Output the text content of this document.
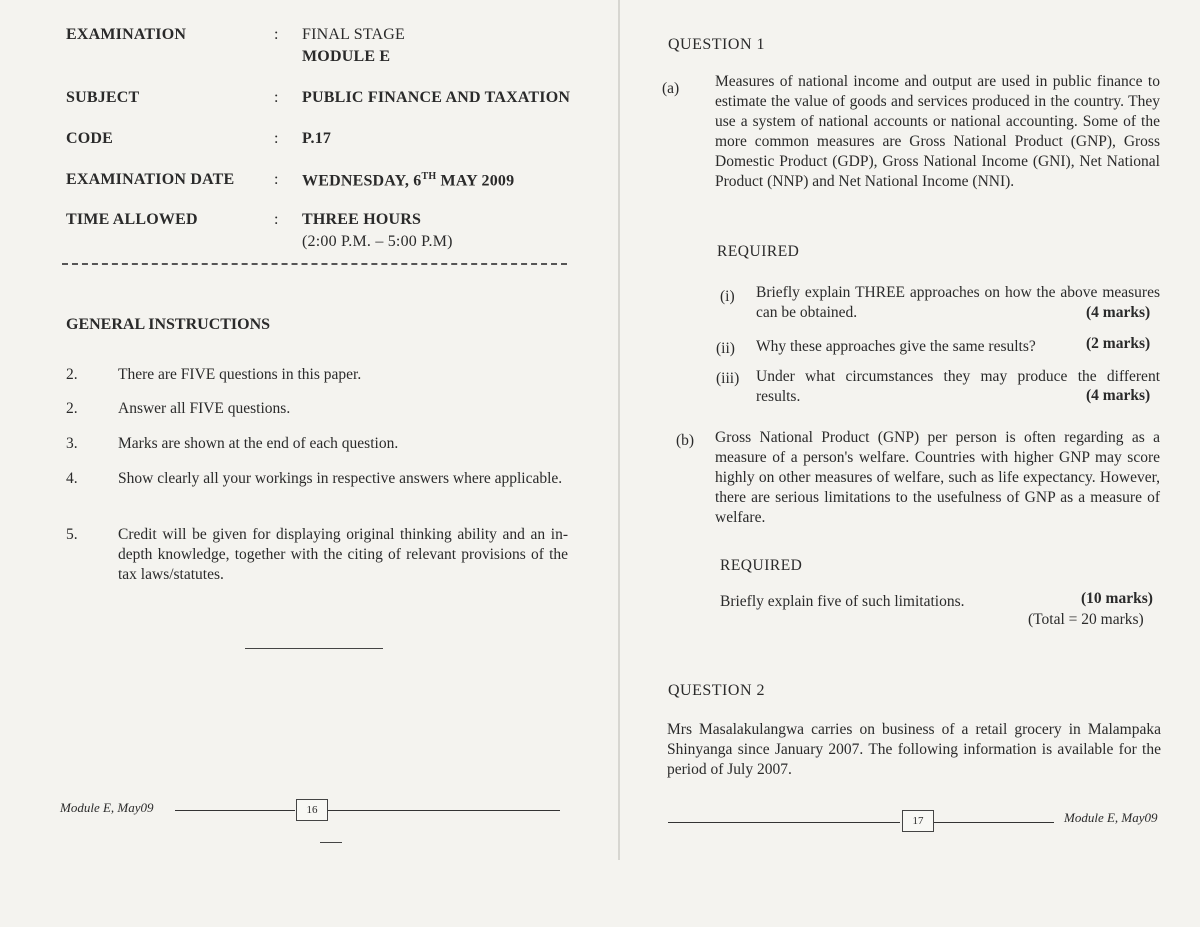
EXAMINATION	: FINAL STAGE
MODULE E
SUBJECT	: PUBLIC FINANCE AND TAXATION
CODE	: P.17
EXAMINATION DATE : WEDNESDAY, 6TH MAY 2009
TIME ALLOWED	: THREE HOURS
(2:00 P.M. – 5:00 P.M)
GENERAL INSTRUCTIONS
2.	There are FIVE questions in this paper.
2.	Answer all FIVE questions.
3.	Marks are shown at the end of each question.
4.	Show clearly all your workings in respective answers where applicable.
5.	Credit will be given for displaying original thinking ability and an in-depth knowledge, together with the citing of relevant provisions of the tax laws/statutes.
Module E, May09	16
QUESTION 1
(a) Measures of national income and output are used in public finance to estimate the value of goods and services produced in the country. They use a system of national accounts or national accounting. Some of the more common measures are Gross National Product (GNP), Gross Domestic Product (GDP), Gross National Income (GNI), Net National Product (NNP) and Net National Income (NNI).
REQUIRED
(i) Briefly explain THREE approaches on how the above measures can be obtained.	(4 marks)
(ii) Why these approaches give the same results?	(2 marks)
(iii) Under what circumstances they may produce the different results.	(4 marks)
(b) Gross National Product (GNP) per person is often regarding as a measure of a person's welfare. Countries with higher GNP may score highly on other measures of welfare, such as life expectancy. However, there are serious limitations to the usefulness of GNP as a measure of welfare.
REQUIRED
Briefly explain five of such limitations.	(10 marks)
(Total = 20 marks)
QUESTION 2
Mrs Masalakulangwa carries on business of a retail grocery in Malampaka Shinyanga since January 2007. The following information is available for the period of July 2007.
17	Module E, May09
